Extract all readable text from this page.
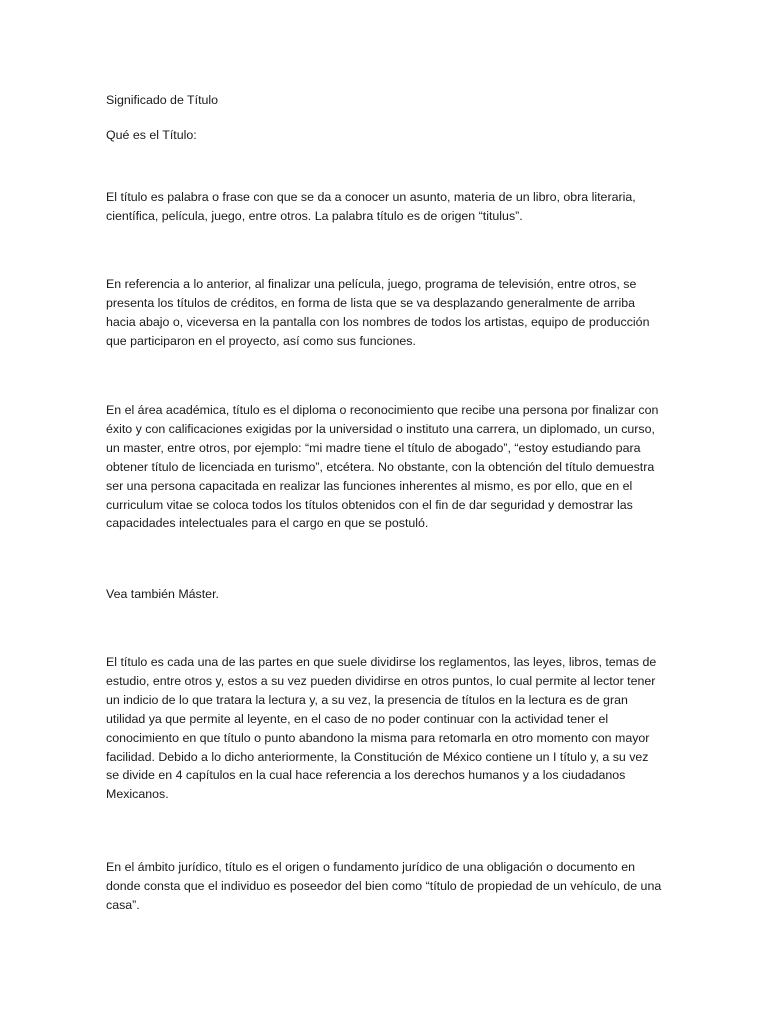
Significado de Título

Qué es el Título:

El título es palabra o frase con que se da a conocer un asunto, materia de un libro, obra literaria, científica, película, juego, entre otros. La palabra título es de origen “titulus”.

En referencia a lo anterior, al finalizar una película, juego, programa de televisión, entre otros, se presenta los títulos de créditos, en forma de lista que se va desplazando generalmente de arriba hacia abajo o, viceversa en la pantalla con los nombres de todos los artistas, equipo de producción que participaron en el proyecto, así como sus funciones.

En el área académica, título es el diploma o reconocimiento que recibe una persona por finalizar con éxito y con calificaciones exigidas por la universidad o instituto una carrera, un diplomado, un curso, un master, entre otros, por ejemplo: “mi madre tiene el título de abogado”, “estoy estudiando para obtener título de licenciada en turismo”, etcétera. No obstante, con la obtención del título demuestra ser una persona capacitada en realizar las funciones inherentes al mismo, es por ello, que en el curriculum vitae se coloca todos los títulos obtenidos con el fin de dar seguridad y demostrar las capacidades intelectuales para el cargo en que se postuló.

Vea también Máster.

El título es cada una de las partes en que suele dividirse los reglamentos, las leyes, libros, temas de estudio, entre otros y, estos a su vez pueden dividirse en otros puntos, lo cual permite al lector tener un indicio de lo que tratara la lectura y, a su vez, la presencia de títulos en la lectura es de gran utilidad ya que permite al leyente, en el caso de no poder continuar con la actividad tener el conocimiento en que título o punto abandono la misma para retomarla en otro momento con mayor facilidad. Debido a lo dicho anteriormente, la Constitución de México contiene un I título y, a su vez se divide en 4 capítulos en la cual hace referencia a los derechos humanos y a los ciudadanos Mexicanos.

En el ámbito jurídico, título es el origen o fundamento jurídico de una obligación o documento en donde consta que el individuo es poseedor del bien como “título de propiedad de un vehículo, de una casa”.
